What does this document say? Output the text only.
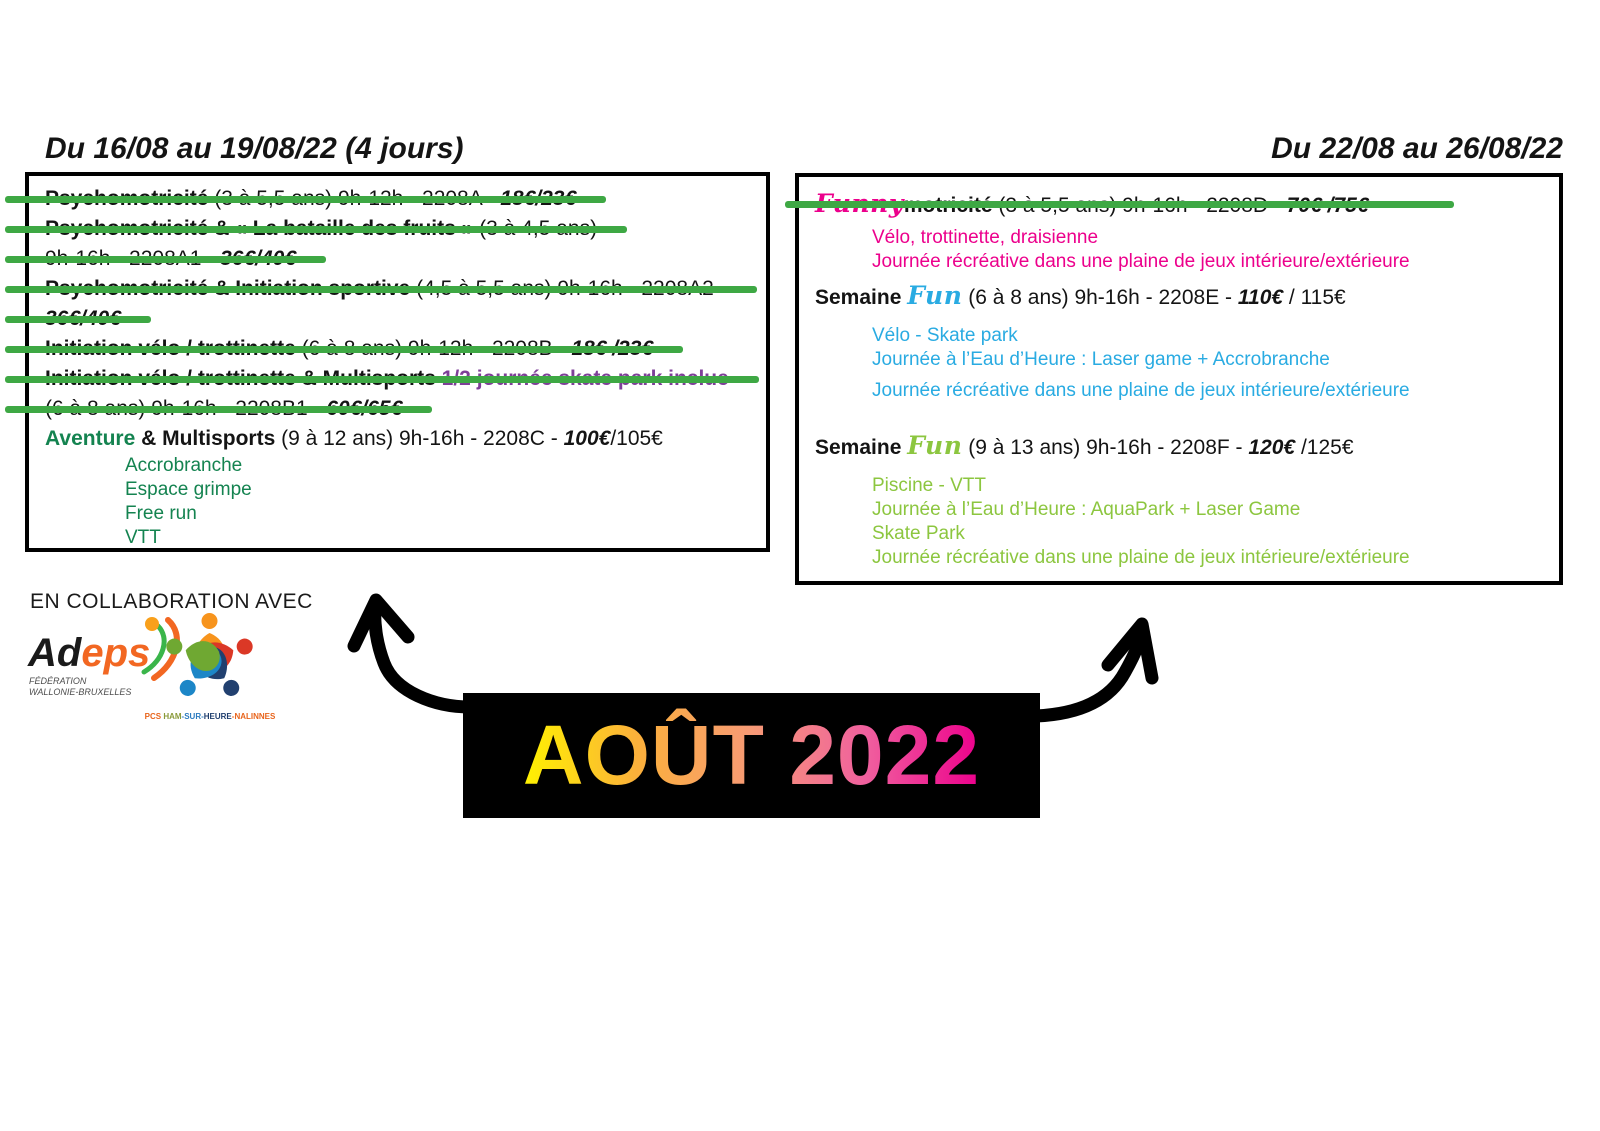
Du 16/08 au 19/08/22 (4 jours)	Du 22/08 au 26/08/22
Aventure & Multisports (9 à 12 ans) 9h-16h - 2208C - 100€/105€
Accrobranche
Espace grimpe
Free run
VTT
Vélo, trottinette, draisienne
Journée récréative dans une plaine de jeux intérieure/extérieure
Semaine Fun (6 à 8 ans) 9h-16h - 2208E - 110€ / 115€
Vélo - Skate park
Journée à l’Eau d’Heure : Laser game + Accrobranche
Journée récréative dans une plaine de jeux intérieure/extérieure
Semaine Fun (9 à 13 ans) 9h-16h - 2208F - 120€ /125€
Piscine - VTT
Journée à l’Eau d’Heure : AquaPark + Laser Game
Skate Park
Journée récréative dans une plaine de jeux intérieure/extérieure
EN COLLABORATION AVEC
Adeps
FÉDÉRATION
WALLONIE-BRUXELLES
PCS HAM-SUR-HEURE-NALINNES	AOÛT 2022
